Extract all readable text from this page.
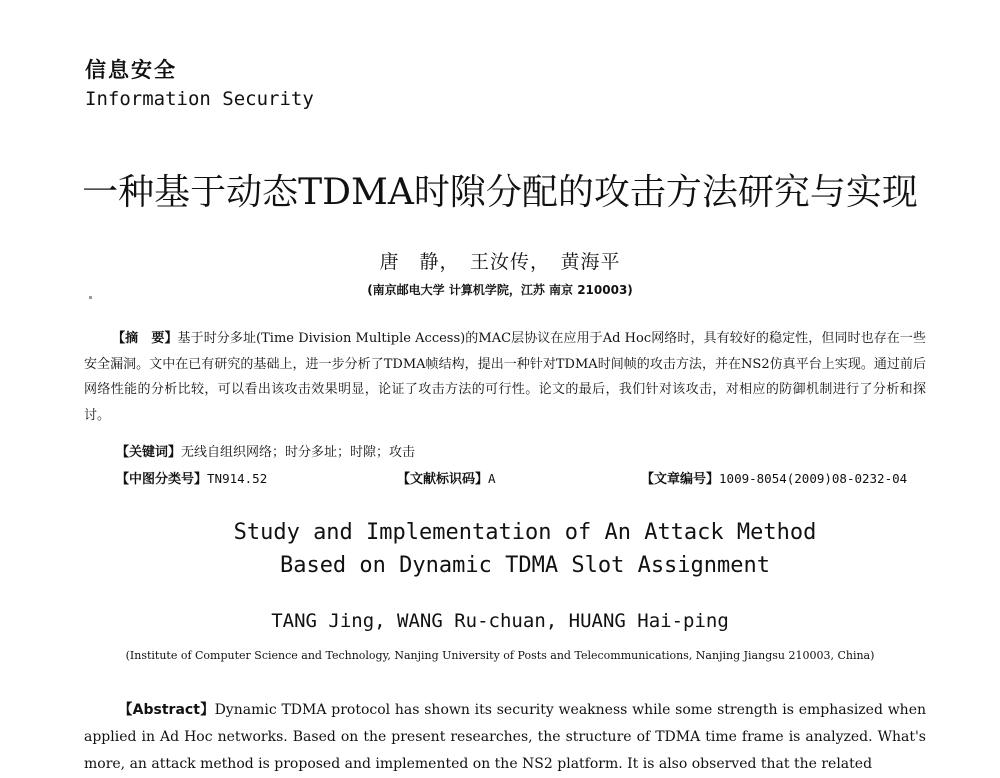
信息安全
Information Security
一种基于动态TDMA时隙分配的攻击方法研究与实现
唐　静，　王汝传，　黄海平
(南京邮电大学 计算机学院，江苏 南京 210003)
【摘　要】基于时分多址(Time Division Multiple Access)的MAC层协议在应用于Ad Hoc网络时，具有较好的稳定性，但同时也存在一些安全漏洞。文中在已有研究的基础上，进一步分析了TDMA帧结构，提出一种针对TDMA时间帧的攻击方法，并在NS2仿真平台上实现。通过前后网络性能的分析比较，可以看出该攻击效果明显，论证了攻击方法的可行性。论文的最后，我们针对该攻击，对相应的防御机制进行了分析和探讨。
【关键词】无线自组织网络；时分多址；时隙；攻击
【中图分类号】TN914.52	【文献标识码】A	【文章编号】1009-8054(2009)08-0232-04
Study and Implementation of An Attack Method
Based on Dynamic TDMA Slot Assignment
TANG Jing, WANG Ru-chuan, HUANG Hai-ping
(Institute of Computer Science and Technology, Nanjing University of Posts and Telecommunications, Nanjing Jiangsu 210003, China)
【Abstract】Dynamic TDMA protocol has shown its security weakness while some strength is emphasized when applied in Ad Hoc networks. Based on the present researches, the structure of TDMA time frame is analyzed. What's more, an attack method is proposed and implemented on the NS2 platform. It is also observed that the related
